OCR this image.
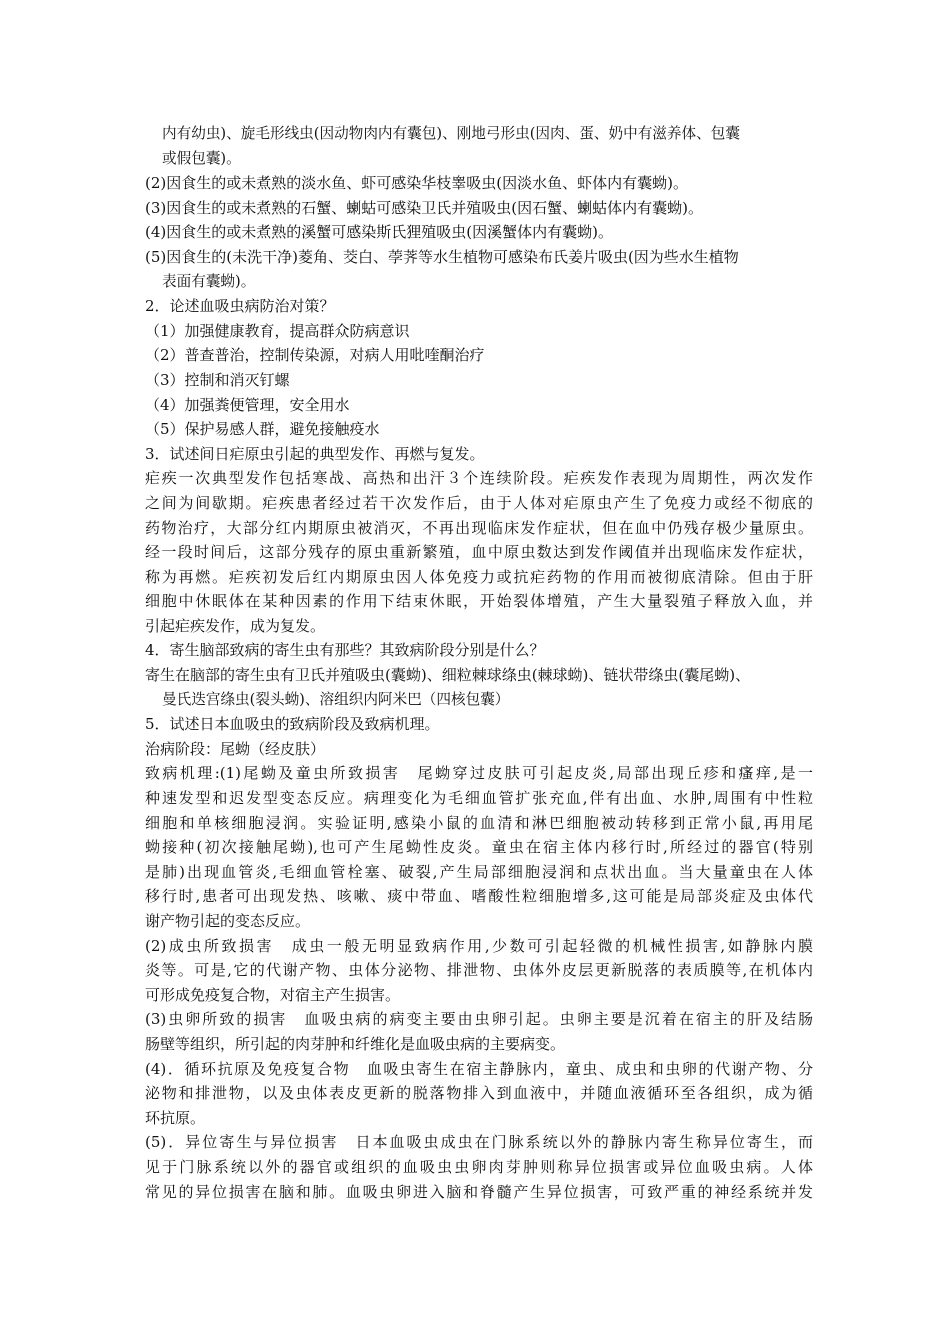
内有幼虫)、旋毛形线虫(因动物肉内有囊包)、刚地弓形虫(因肉、蛋、奶中有滋养体、包囊
或假包囊)。
(2)因食生的或未煮熟的淡水鱼、虾可感染华枝睾吸虫(因淡水鱼、虾体内有囊蚴)。
(3)因食生的或未煮熟的石蟹、蝲蛄可感染卫氏并殖吸虫(因石蟹、蝲蛄体内有囊蚴)。
(4)因食生的或未煮熟的溪蟹可感染斯氏狸殖吸虫(因溪蟹体内有囊蚴)。
(5)因食生的(未洗干净)菱角、茭白、荸荠等水生植物可感染布氏姜片吸虫(因为些水生植物
表面有囊蚴)。
2．论述血吸虫病防治对策？
（1）加强健康教育，提高群众防病意识
（2）普查普治，控制传染源，对病人用吡喹酮治疗
（3）控制和消灭钉螺
（4）加强粪便管理，安全用水
（5）保护易感人群，避免接触疫水
3．试述间日疟原虫引起的典型发作、再燃与复发。
疟疾一次典型发作包括寒战、高热和出汗３个连续阶段。疟疾发作表现为周期性，两次发作
之间为间歇期。疟疾患者经过若干次发作后，由于人体对疟原虫产生了免疫力或经不彻底的
药物治疗，大部分红内期原虫被消灭，不再出现临床发作症状，但在血中仍残存极少量原虫。
经一段时间后，这部分残存的原虫重新繁殖，血中原虫数达到发作阈值并出现临床发作症状，
称为再燃。疟疾初发后红内期原虫因人体免疫力或抗疟药物的作用而被彻底清除。但由于肝
细胞中休眠体在某种因素的作用下结束休眠，开始裂体增殖，产生大量裂殖子释放入血，并
引起疟疾发作，成为复发。
4．寄生脑部致病的寄生虫有那些？其致病阶段分别是什么？
寄生在脑部的寄生虫有卫氏并殖吸虫(囊蚴)、细粒棘球绦虫(棘球蚴)、链状带绦虫(囊尾蚴)、
曼氏迭宫绦虫(裂头蚴)、溶组织内阿米巴（四核包囊）
5．试述日本血吸虫的致病阶段及致病机理。
治病阶段：尾蚴（经皮肤）
致病机理:(1)尾蚴及童虫所致损害　尾蚴穿过皮肤可引起皮炎,局部出现丘疹和瘙痒,是一
种速发型和迟发型变态反应。病理变化为毛细血管扩张充血,伴有出血、水肿,周围有中性粒
细胞和单核细胞浸润。实验证明,感染小鼠的血清和淋巴细胞被动转移到正常小鼠,再用尾
蚴接种(初次接触尾蚴),也可产生尾蚴性皮炎。童虫在宿主体内移行时,所经过的器官(特别
是肺)出现血管炎,毛细血管栓塞、破裂,产生局部细胞浸润和点状出血。当大量童虫在人体
移行时,患者可出现发热、咳嗽、痰中带血、嗜酸性粒细胞增多,这可能是局部炎症及虫体代
谢产物引起的变态反应。
(2)成虫所致损害　成虫一般无明显致病作用,少数可引起轻微的机械性损害,如静脉内膜
炎等。可是,它的代谢产物、虫体分泌物、排泄物、虫体外皮层更新脱落的表质膜等,在机体内
可形成免疫复合物，对宿主产生损害。
(3)虫卵所致的损害　血吸虫病的病变主要由虫卵引起。虫卵主要是沉着在宿主的肝及结肠
肠壁等组织，所引起的肉芽肿和纤维化是血吸虫病的主要病变。
(4)．循环抗原及免疫复合物　血吸虫寄生在宿主静脉内，童虫、成虫和虫卵的代谢产物、分
泌物和排泄物，以及虫体表皮更新的脱落物排入到血液中，并随血液循环至各组织，成为循
环抗原。
(5)．异位寄生与异位损害　日本血吸虫成虫在门脉系统以外的静脉内寄生称异位寄生，而
见于门脉系统以外的器官或组织的血吸虫虫卵肉芽肿则称异位损害或异位血吸虫病。人体
常见的异位损害在脑和肺。血吸虫卵进入脑和脊髓产生异位损害，可致严重的神经系统并发
